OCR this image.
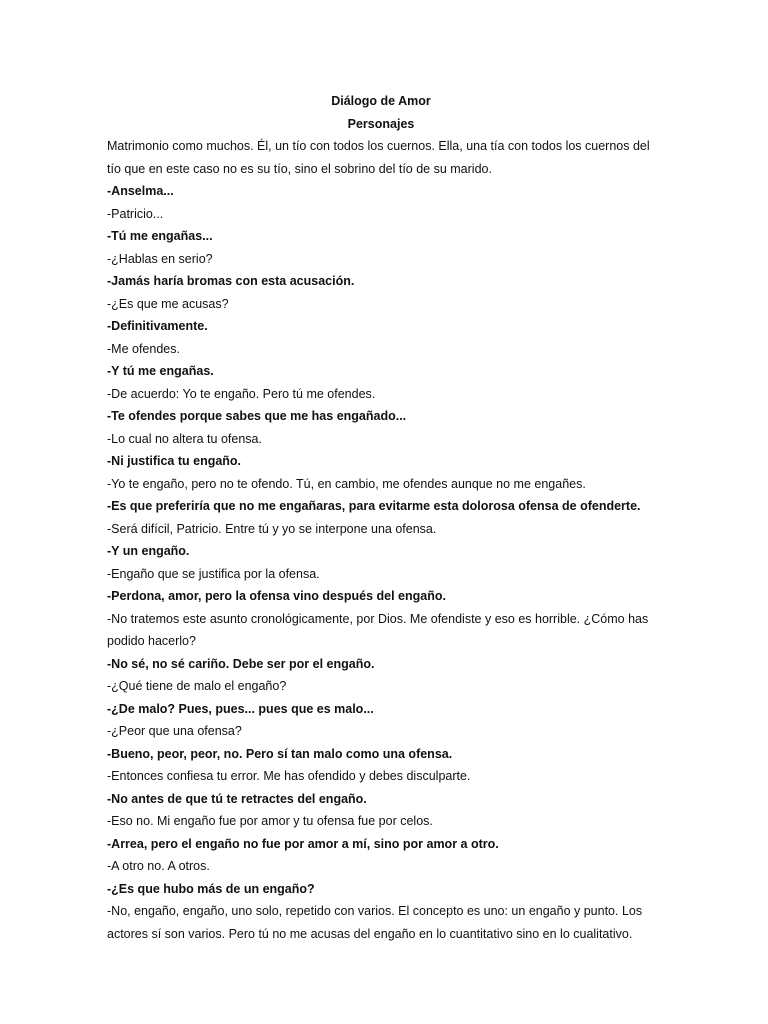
Diálogo de Amor

Personajes

Matrimonio como muchos. Él, un tío con todos los cuernos. Ella, una tía con todos los cuernos del

tío que en este caso no es su tío, sino el sobrino del tío de su marido.

-Anselma...

-Patricio...

-Tú me engañas...

-¿Hablas en serio?

-Jamás haría bromas con esta acusación.

-¿Es que me acusas?

-Definitivamente.

-Me ofendes.

-Y tú me engañas.

-De acuerdo: Yo te engaño. Pero tú me ofendes.

-Te ofendes porque sabes que me has engañado...

-Lo cual no altera tu ofensa.

-Ni justifica tu engaño.

-Yo te engaño, pero no te ofendo. Tú, en cambio, me ofendes aunque no me engañes.

-Es que preferiría que no me engañaras, para evitarme esta dolorosa ofensa de ofenderte.

-Será difícil, Patricio. Entre tú y yo se interpone una ofensa.

-Y un engaño.

-Engaño que se justifica por la ofensa.

-Perdona, amor, pero la ofensa vino después del engaño.

-No tratemos este asunto cronológicamente, por Dios. Me ofendiste y eso es horrible. ¿Cómo has

podido hacerlo?

-No sé, no sé cariño. Debe ser por el engaño.

-¿Qué tiene de malo el engaño?

-¿De malo? Pues, pues... pues que es malo...

-¿Peor que una ofensa?

-Bueno, peor, peor, no. Pero sí tan malo como una ofensa.

-Entonces confiesa tu error. Me has ofendido y debes disculparte.

-No antes de que tú te retractes del engaño.

-Eso no. Mi engaño fue por amor y tu ofensa fue por celos.

-Arrea, pero el engaño no fue por amor a mí, sino por amor a otro.

-A otro no. A otros.

-¿Es que hubo más de un engaño?

-No, engaño, engaño, uno solo, repetido con varios. El concepto es uno: un engaño y punto. Los

actores sí son varios. Pero tú no me acusas del engaño en lo cuantitativo sino en lo cualitativo.
